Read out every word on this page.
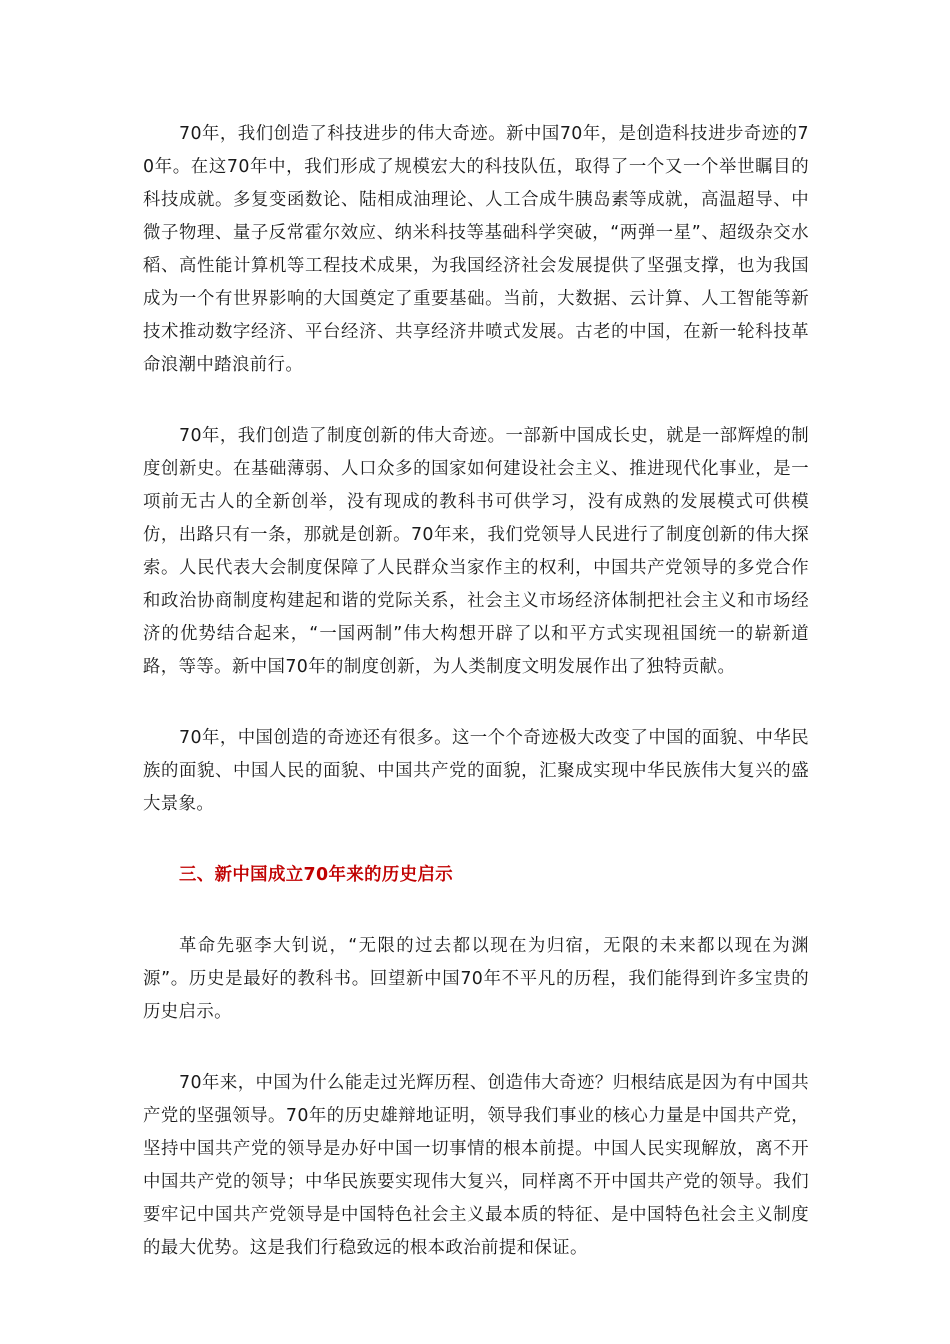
70年，我们创造了科技进步的伟大奇迹。新中国70年，是创造科技进步奇迹的70年。在这70年中，我们形成了规模宏大的科技队伍，取得了一个又一个举世瞩目的科技成就。多复变函数论、陆相成油理论、人工合成牛胰岛素等成就，高温超导、中微子物理、量子反常霍尔效应、纳米科技等基础科学突破，“两弹一星”、超级杂交水稻、高性能计算机等工程技术成果，为我国经济社会发展提供了坚强支撑，也为我国成为一个有世界影响的大国奠定了重要基础。当前，大数据、云计算、人工智能等新技术推动数字经济、平台经济、共享经济井喷式发展。古老的中国，在新一轮科技革命浪潮中踏浪前行。

70年，我们创造了制度创新的伟大奇迹。一部新中国成长史，就是一部辉煌的制度创新史。在基础薄弱、人口众多的国家如何建设社会主义、推进现代化事业，是一项前无古人的全新创举，没有现成的教科书可供学习，没有成熟的发展模式可供模仿，出路只有一条，那就是创新。70年来，我们党领导人民进行了制度创新的伟大探索。人民代表大会制度保障了人民群众当家作主的权利，中国共产党领导的多党合作和政治协商制度构建起和谐的党际关系，社会主义市场经济体制把社会主义和市场经济的优势结合起来，“一国两制”伟大构想开辟了以和平方式实现祖国统一的崭新道路，等等。新中国70年的制度创新，为人类制度文明发展作出了独特贡献。

70年，中国创造的奇迹还有很多。这一个个奇迹极大改变了中国的面貌、中华民族的面貌、中国人民的面貌、中国共产党的面貌，汇聚成实现中华民族伟大复兴的盛大景象。

三、新中国成立70年来的历史启示

革命先驱李大钊说，“无限的过去都以现在为归宿，无限的未来都以现在为渊源”。历史是最好的教科书。回望新中国70年不平凡的历程，我们能得到许多宝贵的历史启示。

70年来，中国为什么能走过光辉历程、创造伟大奇迹？归根结底是因为有中国共产党的坚强领导。70年的历史雄辩地证明，领导我们事业的核心力量是中国共产党，坚持中国共产党的领导是办好中国一切事情的根本前提。中国人民实现解放，离不开中国共产党的领导；中华民族要实现伟大复兴，同样离不开中国共产党的领导。我们要牢记中国共产党领导是中国特色社会主义最本质的特征、是中国特色社会主义制度的最大优势。这是我们行稳致远的根本政治前提和保证。
